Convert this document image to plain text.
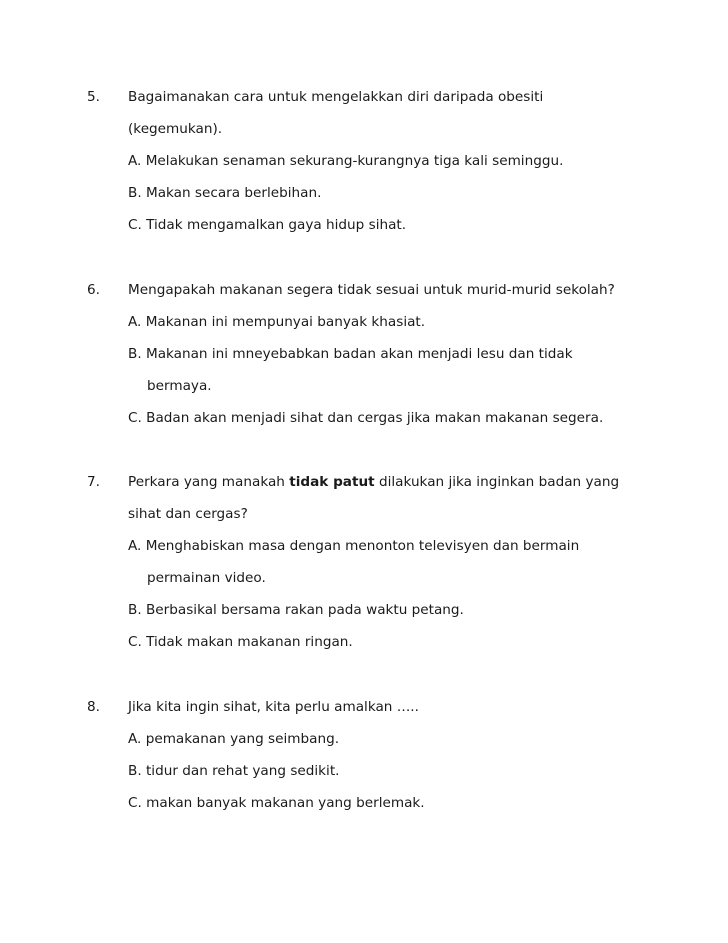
5. Bagaimanakan cara untuk mengelakkan diri daripada obesiti
(kegemukan).
A. Melakukan senaman sekurang-kurangnya tiga kali seminggu.
B. Makan secara berlebihan.
C. Tidak mengamalkan gaya hidup sihat.
6. Mengapakah makanan segera tidak sesuai untuk murid-murid sekolah?
A. Makanan ini mempunyai banyak khasiat.
B. Makanan ini mneyebabkan badan akan menjadi lesu dan tidak
bermaya.
C. Badan akan menjadi sihat dan cergas jika makan makanan segera.
7. Perkara yang manakah tidak patut dilakukan jika inginkan badan yang
sihat dan cergas?
A. Menghabiskan masa dengan menonton televisyen dan bermain
permainan video.
B. Berbasikal bersama rakan pada waktu petang.
C. Tidak makan makanan ringan.
8. Jika kita ingin sihat, kita perlu amalkan …..
A. pemakanan yang seimbang.
B. tidur dan rehat yang sedikit.
C. makan banyak makanan yang berlemak.
